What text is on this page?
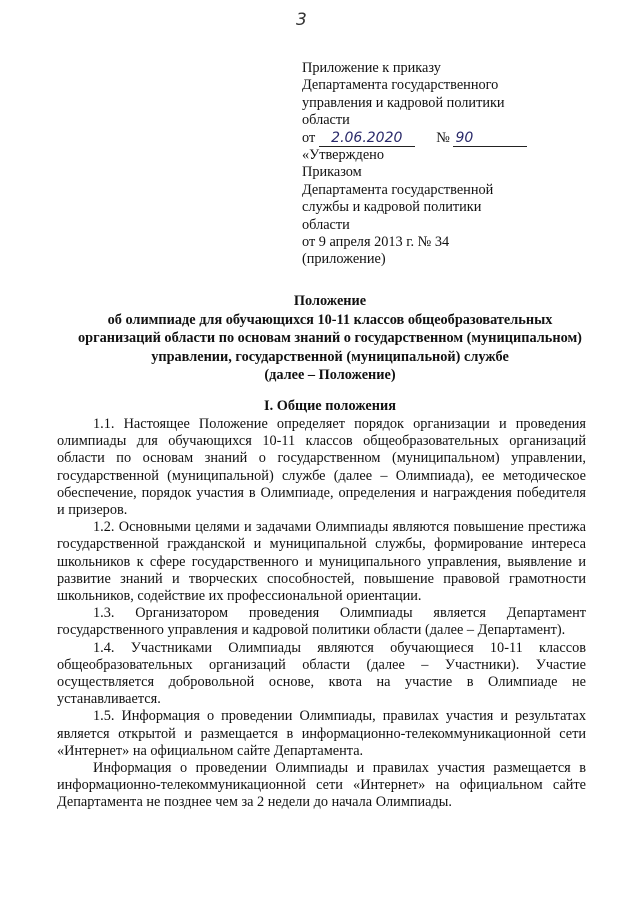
3
Приложение к приказу
Департамента государственного
управления и кадровой политики
области
от 2.06.2020 № 90
«Утверждено
Приказом
Департамента государственной
службы и кадровой политики
области
от 9 апреля 2013 г. № 34
(приложение)
Положение
об олимпиаде для обучающихся 10-11 классов общеобразовательных
организаций области по основам знаний о государственном (муниципальном)
управлении, государственной (муниципальной) службе
(далее – Положение)
I. Общие положения

1.1. Настоящее Положение определяет порядок организации и проведения олимпиады для обучающихся 10-11 классов общеобразовательных организаций области по основам знаний о государственном (муниципальном) управлении, государственной (муниципальной) службе (далее – Олимпиада), ее методическое обеспечение, порядок участия в Олимпиаде, определения и награждения победителя и призеров.

1.2. Основными целями и задачами Олимпиады являются повышение престижа государственной гражданской и муниципальной службы, формирование интереса школьников к сфере государственного и муниципального управления, выявление и развитие знаний и творческих способностей, повышение правовой грамотности школьников, содействие их профессиональной ориентации.

1.3. Организатором проведения Олимпиады является Департамент государственного управления и кадровой политики области (далее – Департамент).

1.4. Участниками Олимпиады являются обучающиеся 10-11 классов общеобразовательных организаций области (далее – Участники). Участие осуществляется добровольной основе, квота на участие в Олимпиаде не устанавливается.

1.5. Информация о проведении Олимпиады, правилах участия и результатах является открытой и размещается в информационно-телекоммуникационной сети «Интернет» на официальном сайте Департамента.

Информация о проведении Олимпиады и правилах участия размещается в информационно-телекоммуникационной сети «Интернет» на официальном сайте Департамента не позднее чем за 2 недели до начала Олимпиады.
